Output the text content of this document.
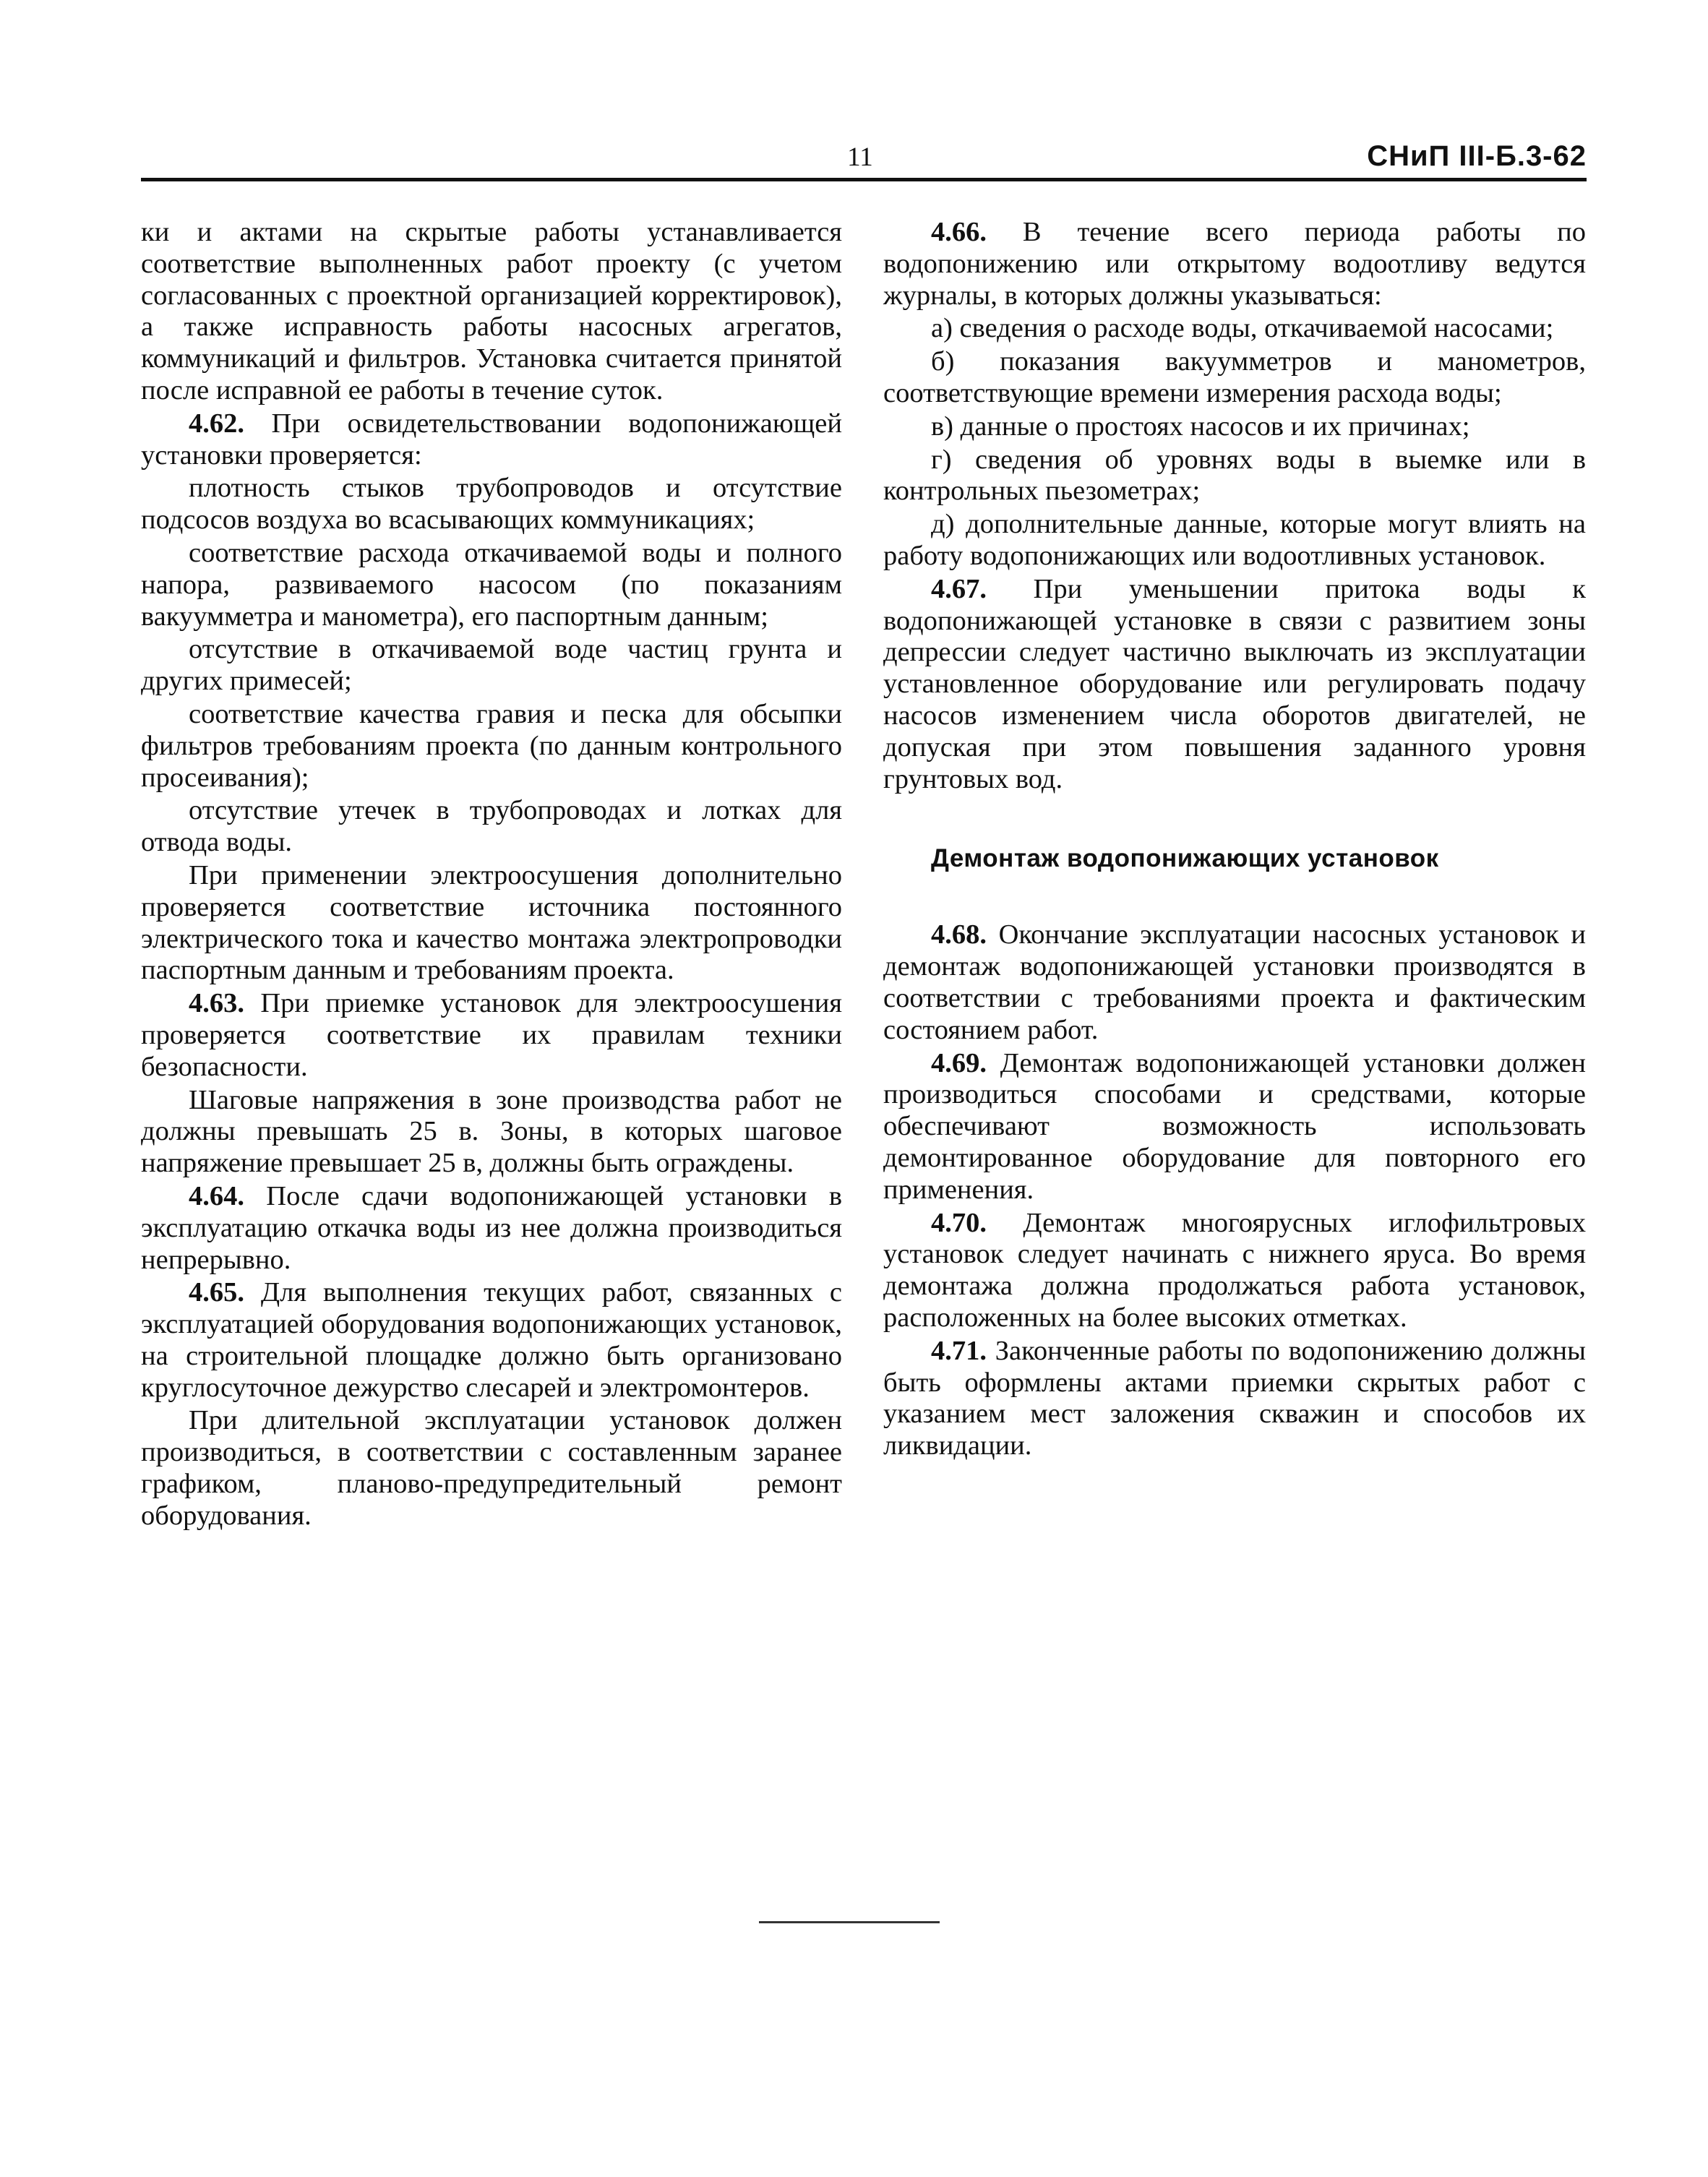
11	СНиП III-Б.3-62

ки и актами на скрытые работы устанавливается соответствие выполненных работ проекту (с учетом согласованных с проектной организацией корректировок), а также исправность работы насосных агрегатов, коммуникаций и фильтров. Установка считается принятой после исправной ее работы в течение суток.

4.62. При освидетельствовании водопонижающей установки проверяется:

плотность стыков трубопроводов и отсутствие подсосов воздуха во всасывающих коммуникациях;

соответствие расхода откачиваемой воды и полного напора, развиваемого насосом (по показаниям вакуумметра и манометра), его паспортным данным;

отсутствие в откачиваемой воде частиц грунта и других примесей;

соответствие качества гравия и песка для обсыпки фильтров требованиям проекта (по данным контрольного просеивания);

отсутствие утечек в трубопроводах и лотках для отвода воды.

При применении электроосушения дополнительно проверяется соответствие источника постоянного электрического тока и качество монтажа электропроводки паспортным данным и требованиям проекта.

4.63. При приемке установок для электроосушения проверяется соответствие их правилам техники безопасности.

Шаговые напряжения в зоне производства работ не должны превышать 25 в. Зоны, в которых шаговое напряжение превышает 25 в, должны быть ограждены.

4.64. После сдачи водопонижающей установки в эксплуатацию откачка воды из нее должна производиться непрерывно.

4.65. Для выполнения текущих работ, связанных с эксплуатацией оборудования водопонижающих установок, на строительной площадке должно быть организовано круглосуточное дежурство слесарей и электромонтеров.

При длительной эксплуатации установок должен производиться, в соответствии с составленным заранее графиком, планово-предупредительный ремонт оборудования.

4.66. В течение всего периода работы по водопонижению или открытому водоотливу ведутся журналы, в которых должны указываться:

а) сведения о расходе воды, откачиваемой насосами;

б) показания вакуумметров и манометров, соответствующие времени измерения расхода воды;

в) данные о простоях насосов и их причинах;

г) сведения об уровнях воды в выемке или в контрольных пьезометрах;

д) дополнительные данные, которые могут влиять на работу водопонижающих или водоотливных установок.

4.67. При уменьшении притока воды к водопонижающей установке в связи с развитием зоны депрессии следует частично выключать из эксплуатации установленное оборудование или регулировать подачу насосов изменением числа оборотов двигателей, не допуская при этом повышения заданного уровня грунтовых вод.

Демонтаж водопонижающих установок

4.68. Окончание эксплуатации насосных установок и демонтаж водопонижающей установки производятся в соответствии с требованиями проекта и фактическим состоянием работ.

4.69. Демонтаж водопонижающей установки должен производиться способами и средствами, которые обеспечивают возможность использовать демонтированное оборудование для повторного его применения.

4.70. Демонтаж многоярусных иглофильтровых установок следует начинать с нижнего яруса. Во время демонтажа должна продолжаться работа установок, расположенных на более высоких отметках.

4.71. Законченные работы по водопонижению должны быть оформлены актами приемки скрытых работ с указанием мест заложения скважин и способов их ликвидации.
